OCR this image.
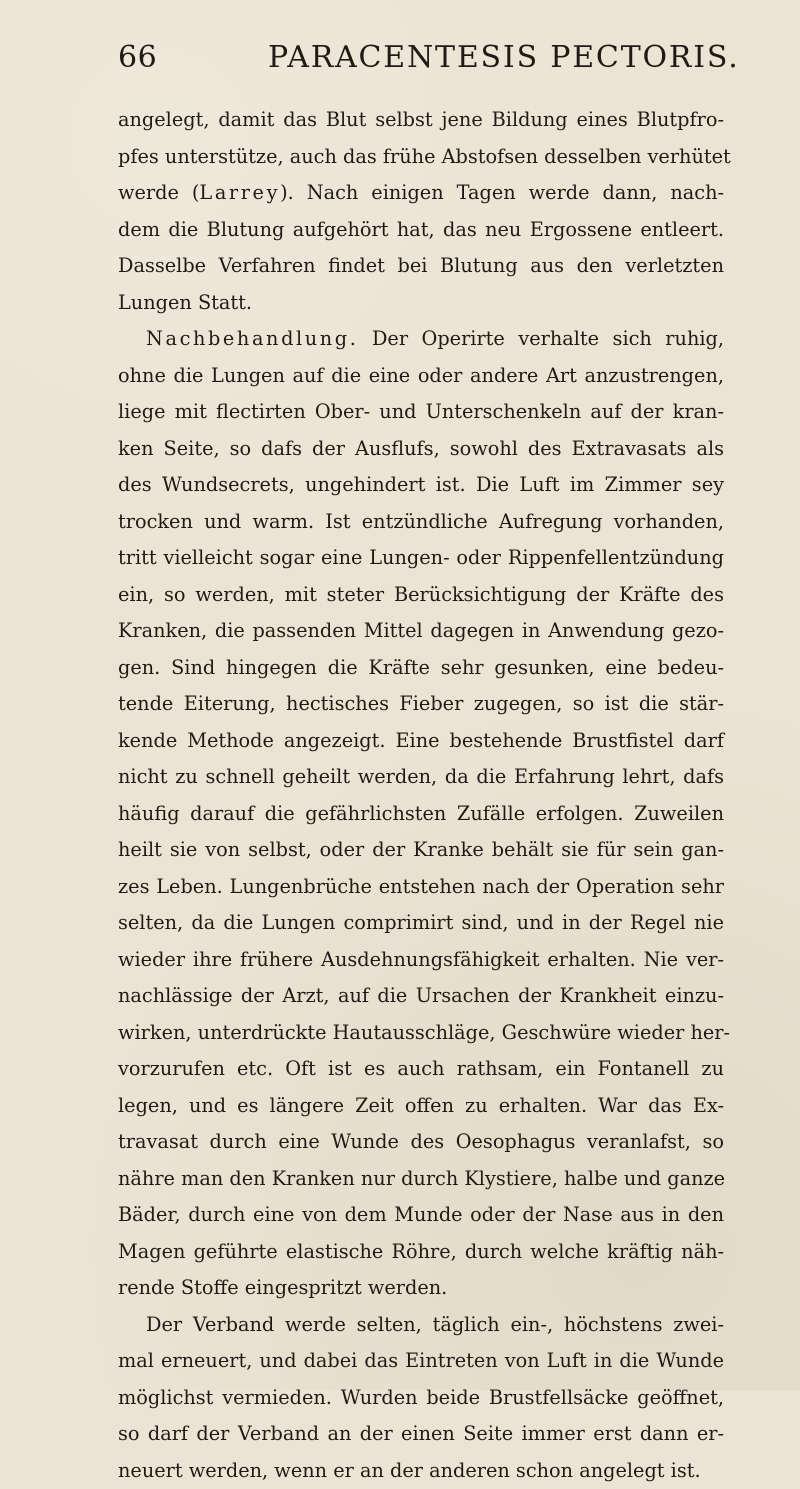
66	PARACENTESIS PECTORIS.
angelegt, damit das Blut selbst jene Bildung eines Blutpfro-
pfes unterstütze, auch das frühe Abstofsen desselben verhütet
werde (Larrey). Nach einigen Tagen werde dann, nach-
dem die Blutung aufgehört hat, das neu Ergossene entleert.
Dasselbe Verfahren findet bei Blutung aus den verletzten
Lungen Statt.
Nachbehandlung. Der Operirte verhalte sich ruhig,
ohne die Lungen auf die eine oder andere Art anzustrengen,
liege mit flectirten Ober- und Unterschenkeln auf der kran-
ken Seite, so dafs der Ausflufs, sowohl des Extravasats als
des Wundsecrets, ungehindert ist. Die Luft im Zimmer sey
trocken und warm. Ist entzündliche Aufregung vorhanden,
tritt vielleicht sogar eine Lungen- oder Rippenfellentzündung
ein, so werden, mit steter Berücksichtigung der Kräfte des
Kranken, die passenden Mittel dagegen in Anwendung gezo-
gen. Sind hingegen die Kräfte sehr gesunken, eine bedeu-
tende Eiterung, hectisches Fieber zugegen, so ist die stär-
kende Methode angezeigt. Eine bestehende Brustfistel darf
nicht zu schnell geheilt werden, da die Erfahrung lehrt, dafs
häufig darauf die gefährlichsten Zufälle erfolgen. Zuweilen
heilt sie von selbst, oder der Kranke behält sie für sein gan-
zes Leben. Lungenbrüche entstehen nach der Operation sehr
selten, da die Lungen comprimirt sind, und in der Regel nie
wieder ihre frühere Ausdehnungsfähigkeit erhalten. Nie ver-
nachlässige der Arzt, auf die Ursachen der Krankheit einzu-
wirken, unterdrückte Hautausschläge, Geschwüre wieder her-
vorzurufen etc. Oft ist es auch rathsam, ein Fontanell zu
legen, und es längere Zeit offen zu erhalten. War das Ex-
travasat durch eine Wunde des Oesophagus veranlafst, so
nähre man den Kranken nur durch Klystiere, halbe und ganze
Bäder, durch eine von dem Munde oder der Nase aus in den
Magen geführte elastische Röhre, durch welche kräftig näh-
rende Stoffe eingespritzt werden.
Der Verband werde selten, täglich ein-, höchstens zwei-
mal erneuert, und dabei das Eintreten von Luft in die Wunde
möglichst vermieden. Wurden beide Brustfellsäcke geöffnet,
so darf der Verband an der einen Seite immer erst dann er-
neuert werden, wenn er an der anderen schon angelegt ist.
